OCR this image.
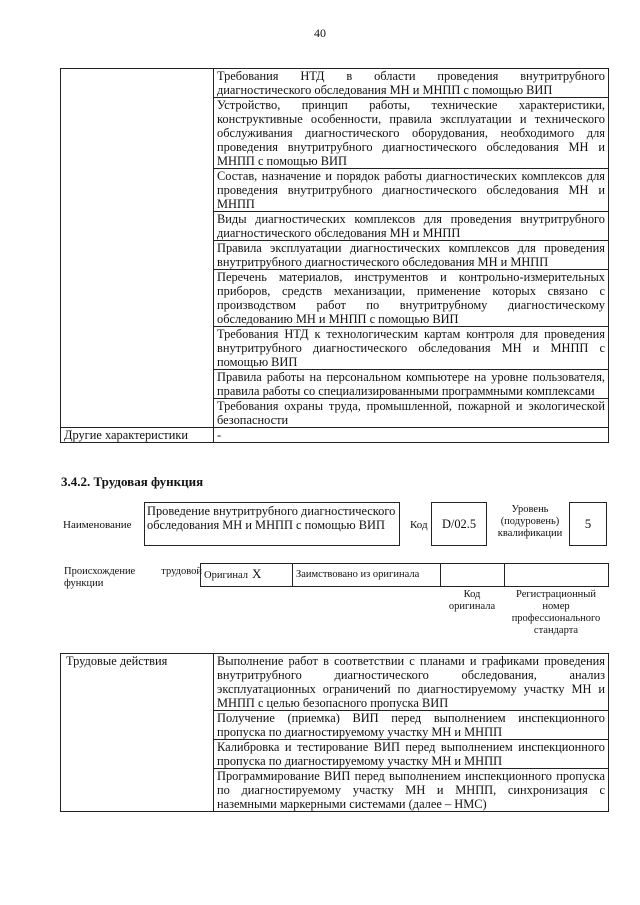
40
	Требования НТД в области проведения внутритрубного диагностического обследования МН и МНПП с помощью ВИП
	Устройство, принцип работы, технические характеристики, конструктивные особенности, правила эксплуатации и технического обслуживания диагностического оборудования, необходимого для проведения внутритрубного диагностического обследования МН и МНПП с помощью ВИП
	Состав, назначение и порядок работы диагностических комплексов для проведения внутритрубного диагностического обследования МН и МНПП
	Виды диагностических комплексов для проведения внутритрубного диагностического обследования МН и МНПП
	Правила эксплуатации диагностических комплексов для проведения внутритрубного диагностического обследования МН и МНПП
	Перечень материалов, инструментов и контрольно-измерительных приборов, средств механизации, применение которых связано с производством работ по внутритрубному диагностическому обследованию МН и МНПП с помощью ВИП
	Требования НТД к технологическим картам контроля для проведения внутритрубного диагностического обследования МН и МНПП с помощью ВИП
	Правила работы на персональном компьютере на уровне пользователя, правила работы со специализированными программными комплексами
	Требования охраны труда, промышленной, пожарной и экологической безопасности
Другие характеристики	-
3.4.2. Трудовая функция
Наименование
Проведение внутритрубного диагностического обследования МН и МНПП с помощью ВИП	Код	D/02.5
Уровень (подуровень) квалификации
5
Происхождение трудовой
функции
Оригинал X	Заимствовано из оригинала		
Код оригинала
Регистрационный номер профессионального стандарта
Трудовые действия	Выполнение работ в соответствии с планами и графиками проведения внутритрубного диагностического обследования, анализ эксплуатационных ограничений по диагностируемому участку МН и МНПП с целью безопасного пропуска ВИП
Получение (приемка) ВИП перед выполнением инспекционного пропуска по диагностируемому участку МН и МНПП
Калибровка и тестирование ВИП перед выполнением инспекционного пропуска по диагностируемому участку МН и МНПП
Программирование ВИП перед выполнением инспекционного пропуска по диагностируемому участку МН и МНПП, синхронизация с наземными маркерными системами (далее – НМС)
